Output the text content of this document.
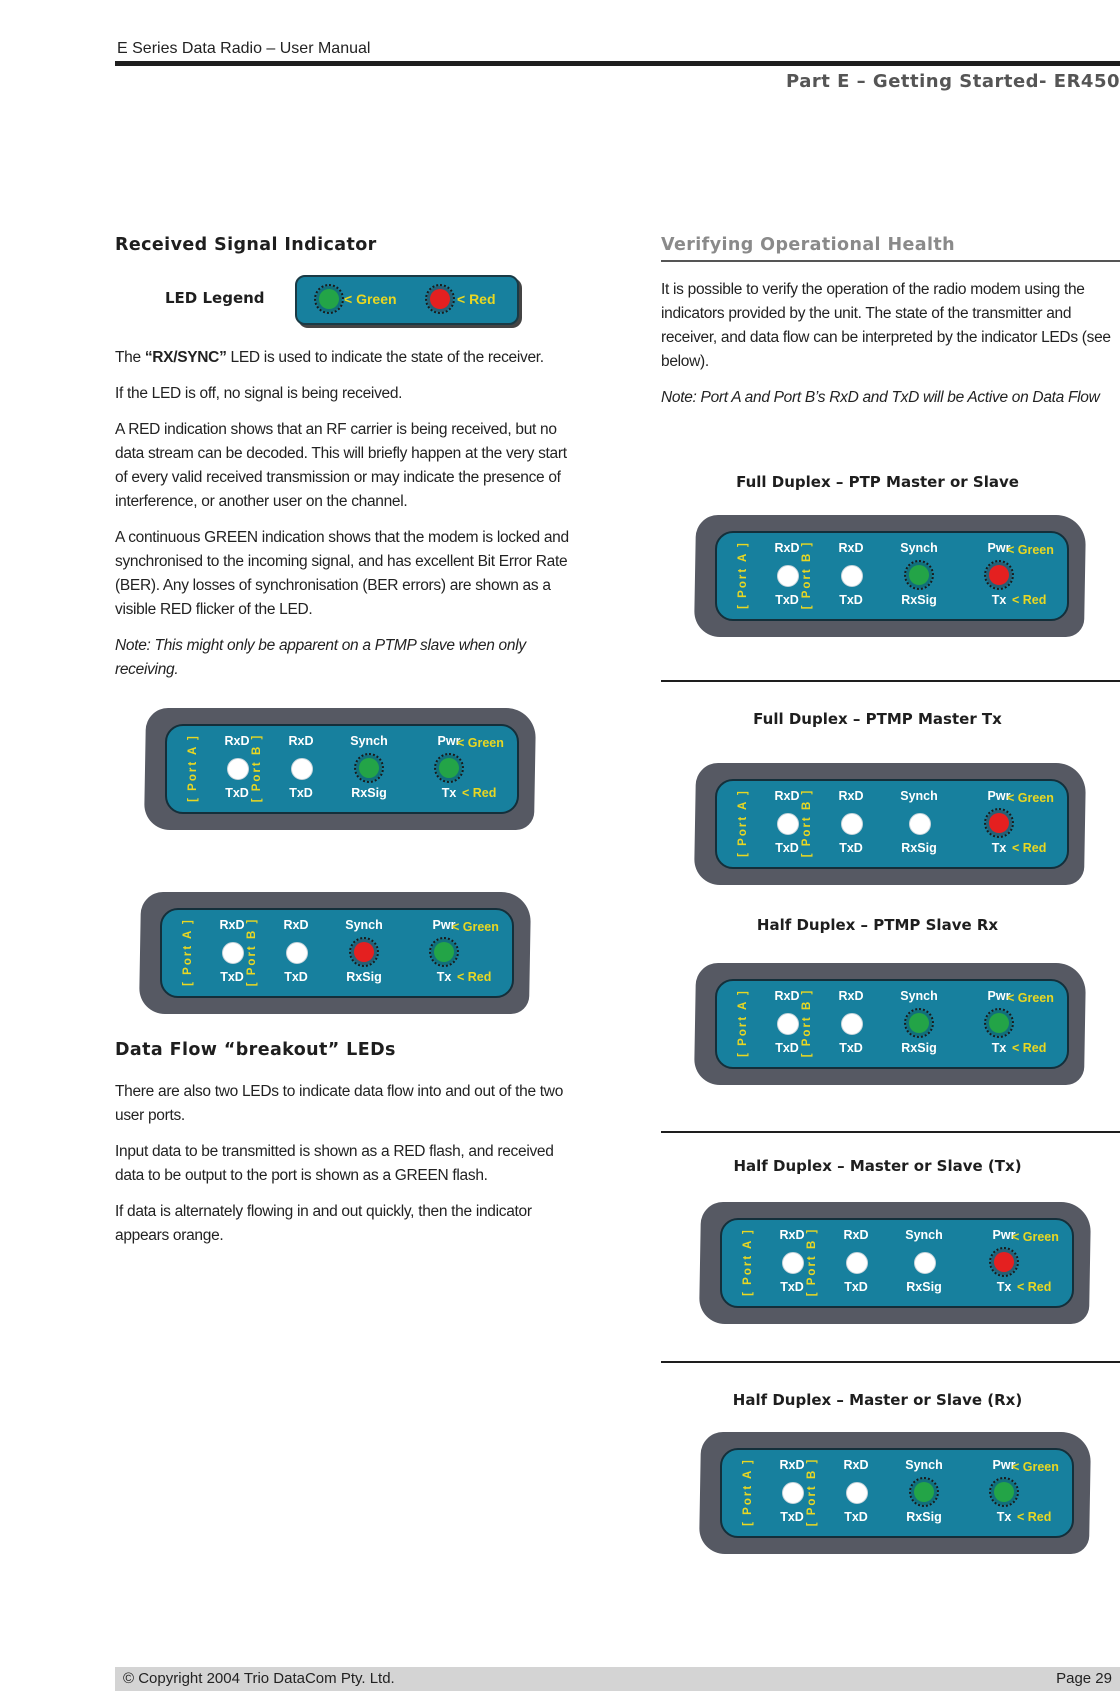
E Series Data Radio – User Manual
Part E – Getting Started- ER450
Received Signal Indicator
LED Legend	< Green	< Red
The “RX/SYNC” LED is used to indicate the state of the receiver.
If the LED is off, no signal is being received.
A RED indication shows that an RF carrier is being received, but no data stream can be decoded. This will briefly happen at the very start of every valid received transmission or may indicate the presence of interference, or another user on the channel.
A continuous GREEN indication shows that the modem is locked and synchronised to the incoming signal, and has excellent Bit Error Rate (BER). Any losses of synchronisation (BER errors) are shown as a visible RED flicker of the LED.
Note: This might only be apparent on a PTMP slave when only receiving.
[ Port A ]	[ Port B ]
RxD
TxD
RxD
TxD
Synch
RxSig
Pwr
Tx
< Green
< Red
[ Port A ]	[ Port B ]
RxD
TxD
RxD
TxD
Synch
RxSig
Pwr
Tx
< Green
< Red
Data Flow “breakout” LEDs
There are also two LEDs to indicate data flow into and out of the two user ports.
Input data to be transmitted is shown as a RED flash, and received data to be output to the port is shown as a GREEN flash.
If data is alternately flowing in and out quickly, then the indicator appears orange.
Verifying Operational Health
It is possible to verify the operation of the radio modem using the indicators provided by the unit. The state of the transmitter and receiver, and data flow can be interpreted by the indicator LEDs (see below).
Note: Port A and Port B’s RxD and TxD will be Active on Data Flow
Full Duplex – PTP Master or Slave
[ Port A ]	[ Port B ]
RxD
TxD
RxD
TxD
Synch
RxSig
Pwr
Tx
< Green
< Red
Full Duplex – PTMP Master Tx
[ Port A ]	[ Port B ]
RxD
TxD
RxD
TxD
Synch
RxSig
Pwr
Tx
< Green
< Red
Half Duplex – PTMP Slave Rx
[ Port A ]	[ Port B ]
RxD
TxD
RxD
TxD
Synch
RxSig
Pwr
Tx
< Green
< Red
Half Duplex – Master or Slave (Tx)
[ Port A ]	[ Port B ]
RxD
TxD
RxD
TxD
Synch
RxSig
Pwr
Tx
< Green
< Red
Half Duplex – Master or Slave (Rx)
[ Port A ]	[ Port B ]
RxD
TxD
RxD
TxD
Synch
RxSig
Pwr
Tx
< Green
< Red
© Copyright 2004 Trio DataCom Pty. Ltd.	Page 29
